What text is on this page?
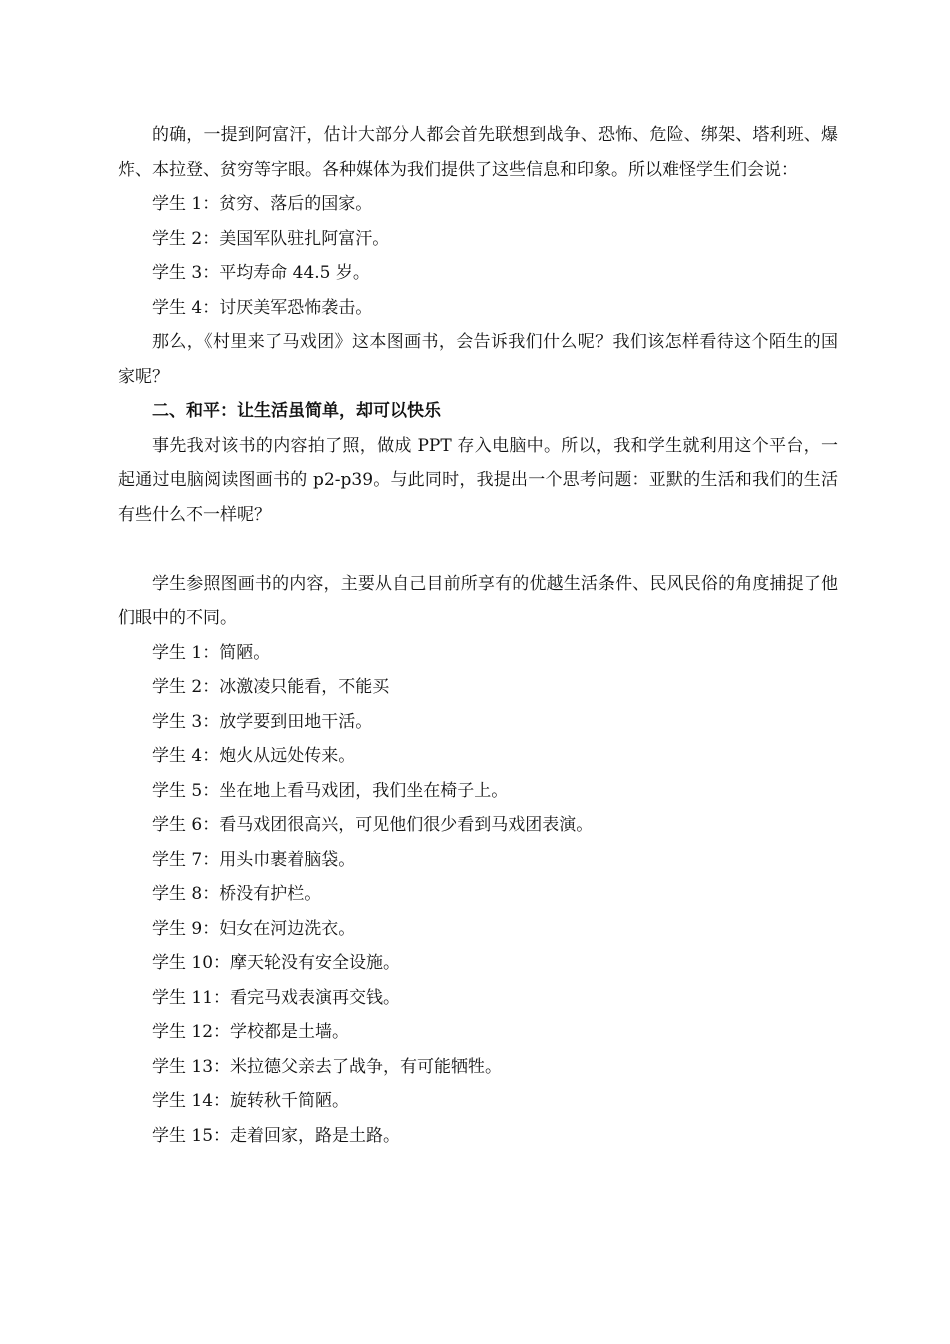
的确，一提到阿富汗，估计大部分人都会首先联想到战争、恐怖、危险、绑架、塔利班、爆炸、本拉登、贫穷等字眼。各种媒体为我们提供了这些信息和印象。所以难怪学生们会说：

学生 1：贫穷、落后的国家。

学生 2：美国军队驻扎阿富汗。

学生 3：平均寿命 44.5 岁。

学生 4：讨厌美军恐怖袭击。

那么，《村里来了马戏团》这本图画书，会告诉我们什么呢？我们该怎样看待这个陌生的国家呢？

二、和平：让生活虽简单，却可以快乐

事先我对该书的内容拍了照，做成 PPT 存入电脑中。所以，我和学生就利用这个平台，一起通过电脑阅读图画书的 p2-p39。与此同时，我提出一个思考问题：亚默的生活和我们的生活有些什么不一样呢？

学生参照图画书的内容，主要从自己目前所享有的优越生活条件、民风民俗的角度捕捉了他们眼中的不同。

学生 1：简陋。

学生 2：冰激凌只能看，不能买

学生 3：放学要到田地干活。

学生 4：炮火从远处传来。

学生 5：坐在地上看马戏团，我们坐在椅子上。

学生 6：看马戏团很高兴，可见他们很少看到马戏团表演。

学生 7：用头巾裹着脑袋。

学生 8：桥没有护栏。

学生 9：妇女在河边洗衣。

学生 10：摩天轮没有安全设施。

学生 11：看完马戏表演再交钱。

学生 12：学校都是土墙。

学生 13：米拉德父亲去了战争，有可能牺牲。

学生 14：旋转秋千简陋。

学生 15：走着回家，路是土路。
